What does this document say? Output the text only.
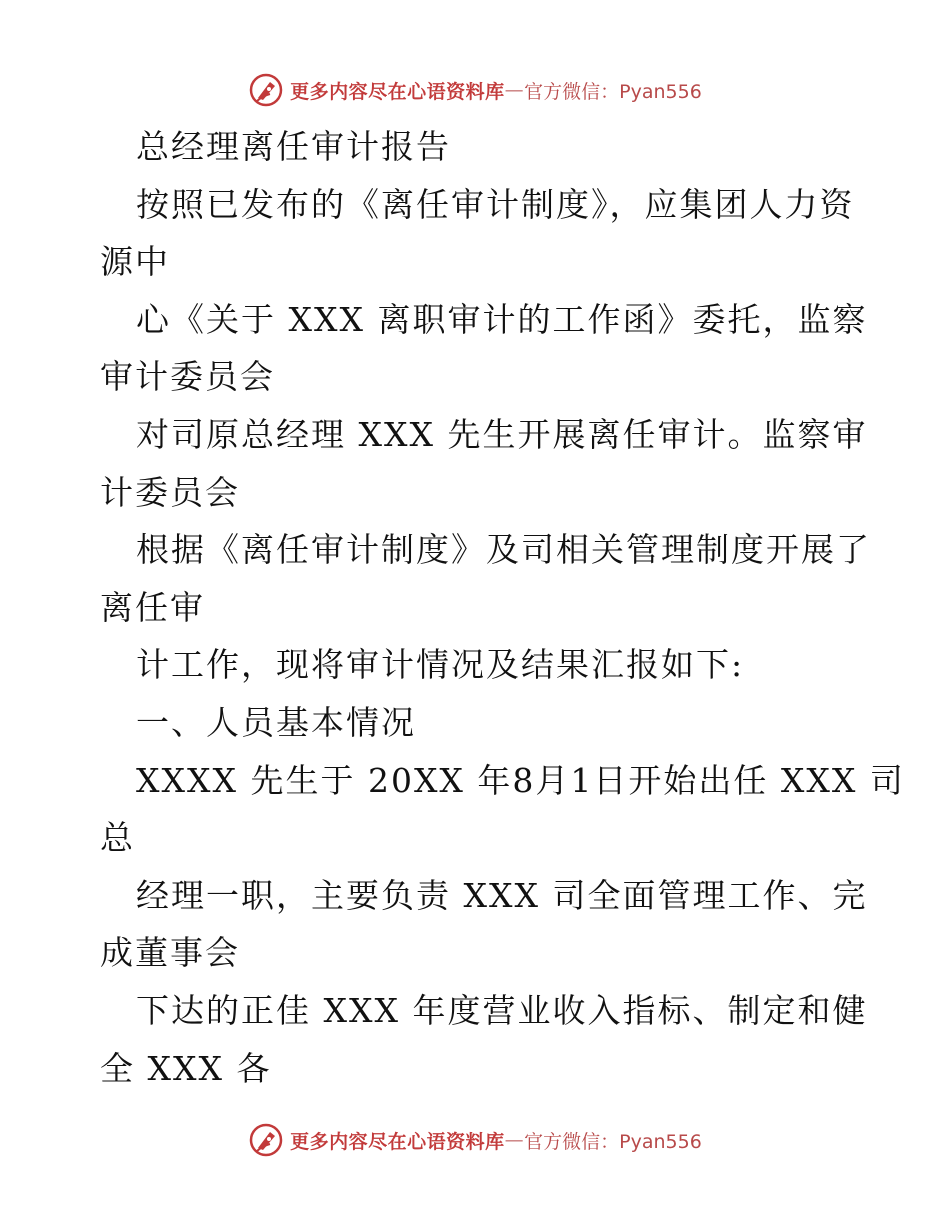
更多内容尽在心语资料库 — 官方微信：Pyan556
总经理离任审计报告
按照已发布的《离任审计制度》，应集团人力资
源中
心《关于 XXX 离职审计的工作函》委托，监察
审计委员会
对司原总经理 XXX 先生开展离任审计。监察审
计委员会
根据《离任审计制度》及司相关管理制度开展了
离任审
计工作，现将审计情况及结果汇报如下:
一、人员基本情况
XXXX 先生于 20XX 年8月1日开始出任 XXX 司
总
经理一职，主要负责 XXX 司全面管理工作、完
成董事会
下达的正佳 XXX 年度营业收入指标、制定和健
全 XXX 各
更多内容尽在心语资料库 — 官方微信：Pyan556
